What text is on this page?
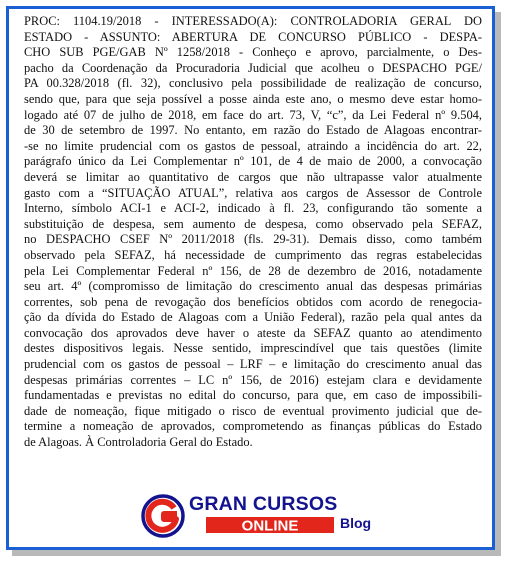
PROC: 1104.19/2018 - INTERESSADO(A): CONTROLADORIA GERAL DO
ESTADO - ASSUNTO: ABERTURA DE CONCURSO PÚBLICO - DESPA-
CHO SUB PGE/GAB Nº 1258/2018 - Conheço e aprovo, parcialmente, o Des-
pacho da Coordenação da Procuradoria Judicial que acolheu o DESPACHO PGE/
PA 00.328/2018 (fl. 32), conclusivo pela possibilidade de realização de concurso,
sendo que, para que seja possível a posse ainda este ano, o mesmo deve estar homo-
logado até 07 de julho de 2018, em face do art. 73, V, “c”, da Lei Federal nº 9.504,
de 30 de setembro de 1997. No entanto, em razão do Estado de Alagoas encontrar-
-se no limite prudencial com os gastos de pessoal, atraindo a incidência do art. 22,
parágrafo único da Lei Complementar nº 101, de 4 de maio de 2000, a convocação
deverá se limitar ao quantitativo de cargos que não ultrapasse valor atualmente
gasto com a “SITUAÇÃO ATUAL”, relativa aos cargos de Assessor de Controle
Interno, símbolo ACI-1 e ACI-2, indicado à fl. 23, configurando tão somente a
substituição de despesa, sem aumento de despesa, como observado pela SEFAZ,
no DESPACHO CSEF Nº 2011/2018 (fls. 29-31). Demais disso, como também
observado pela SEFAZ, há necessidade de cumprimento das regras estabelecidas
pela Lei Complementar Federal nº 156, de 28 de dezembro de 2016, notadamente
seu art. 4º (compromisso de limitação do crescimento anual das despesas primárias
correntes, sob pena de revogação dos benefícios obtidos com acordo de renegocia-
ção da dívida do Estado de Alagoas com a União Federal), razão pela qual antes da
convocação dos aprovados deve haver o ateste da SEFAZ quanto ao atendimento
destes dispositivos legais. Nesse sentido, imprescindível que tais questões (limite
prudencial com os gastos de pessoal – LRF – e limitação do crescimento anual das
despesas primárias correntes – LC nº 156, de 2016) estejam clara e devidamente
fundamentadas e previstas no edital do concurso, para que, em caso de impossibili-
dade de nomeação, fique mitigado o risco de eventual provimento judicial que de-
termine a nomeação de aprovados, comprometendo as finanças públicas do Estado
de Alagoas. À Controladoria Geral do Estado.
GRAN CURSOS
ONLINE	Blog
